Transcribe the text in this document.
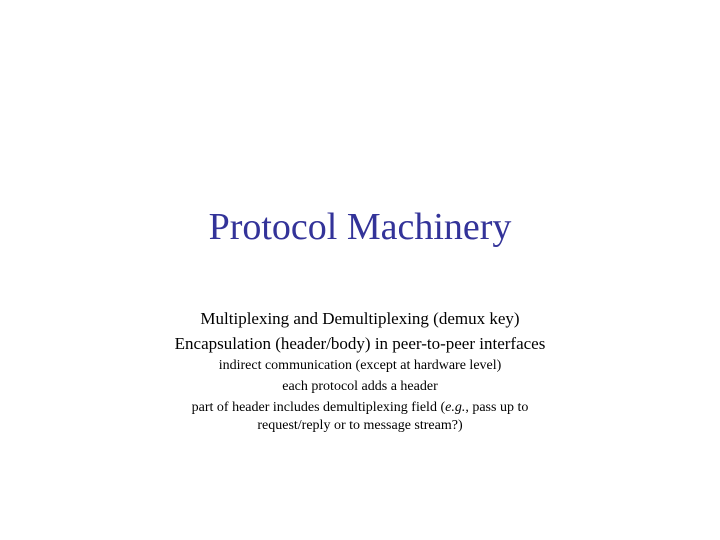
Protocol Machinery
Multiplexing and Demultiplexing (demux key)
Encapsulation (header/body) in peer-to-peer interfaces
indirect communication (except at hardware level)
each protocol adds a header
part of header includes demultiplexing field (e.g., pass up to
request/reply or to message stream?)
